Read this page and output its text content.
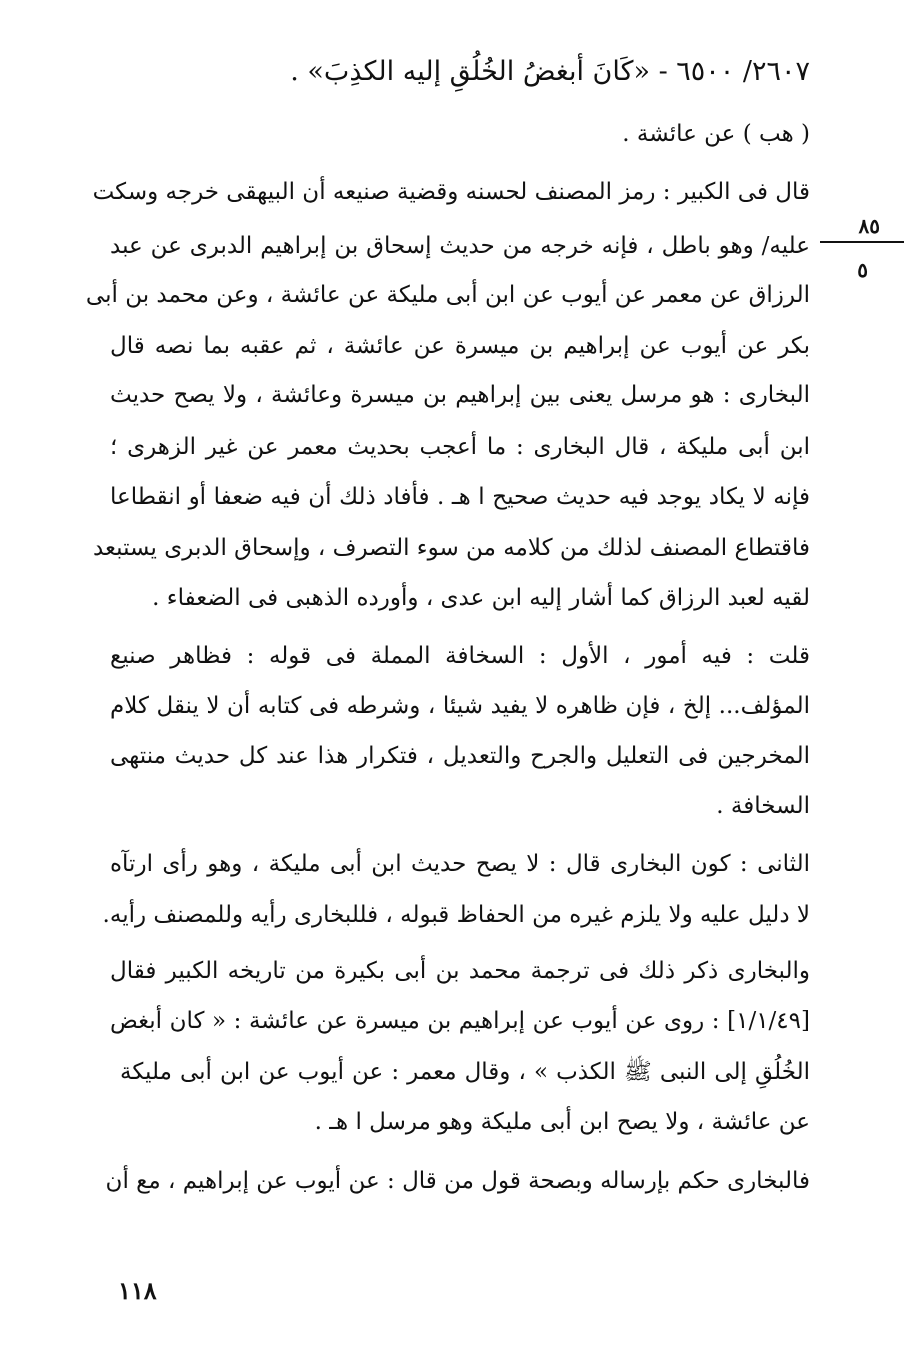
٢٦٠٧/ ٦٥٠٠ - «كَانَ أبغضُ الخُلُقِ إليه الكذِبَ» .
( هب ) عن عائشة .
٨٥
٥
قال فى الكبير : رمز المصنف لحسنه وقضية صنيعه أن البيهقى خرجه وسكت
عليه/ وهو باطل ، فإنه خرجه من حديث إسحاق بن إبراهيم الدبرى عن عبد
الرزاق عن معمر عن أيوب عن ابن أبى مليكة عن عائشة ، وعن محمد بن أبى
بكر عن أيوب عن إبراهيم بن ميسرة عن عائشة ، ثم عقبه بما نصه قال
البخارى : هو مرسل يعنى بين إبراهيم بن ميسرة وعائشة ، ولا يصح حديث
ابن أبى مليكة ، قال البخارى : ما أعجب بحديث معمر عن غير الزهرى ؛
فإنه لا يكاد يوجد فيه حديث صحيح ا هـ . فأفاد ذلك أن فيه ضعفا أو انقطاعا
فاقتطاع المصنف لذلك من كلامه من سوء التصرف ، وإسحاق الدبرى يستبعد
لقيه لعبد الرزاق كما أشار إليه ابن عدى ، وأورده الذهبى فى الضعفاء .
قلت : فيه أمور ، الأول : السخافة المملة فى قوله : فظاهر صنيع
المؤلف... إلخ ، فإن ظاهره لا يفيد شيئا ، وشرطه فى كتابه أن لا ينقل كلام
المخرجين فى التعليل والجرح والتعديل ، فتكرار هذا عند كل حديث منتهى
السخافة .
الثانى : كون البخارى قال : لا يصح حديث ابن أبى مليكة ، وهو رأى ارتآه
لا دليل عليه ولا يلزم غيره من الحفاظ قبوله ، فللبخارى رأيه وللمصنف رأيه.
والبخارى ذكر ذلك فى ترجمة محمد بن أبى بكيرة من تاريخه الكبير فقال
[١/١/٤٩] : روى عن أيوب عن إبراهيم بن ميسرة عن عائشة : « كان أبغض
الخُلُقِ إلى النبى ﷺ الكذب » ، وقال معمر : عن أيوب عن ابن أبى مليكة
عن عائشة ، ولا يصح ابن أبى مليكة وهو مرسل ا هـ .
فالبخارى حكم بإرساله وبصحة قول من قال : عن أيوب عن إبراهيم ، مع أن
١١٨
